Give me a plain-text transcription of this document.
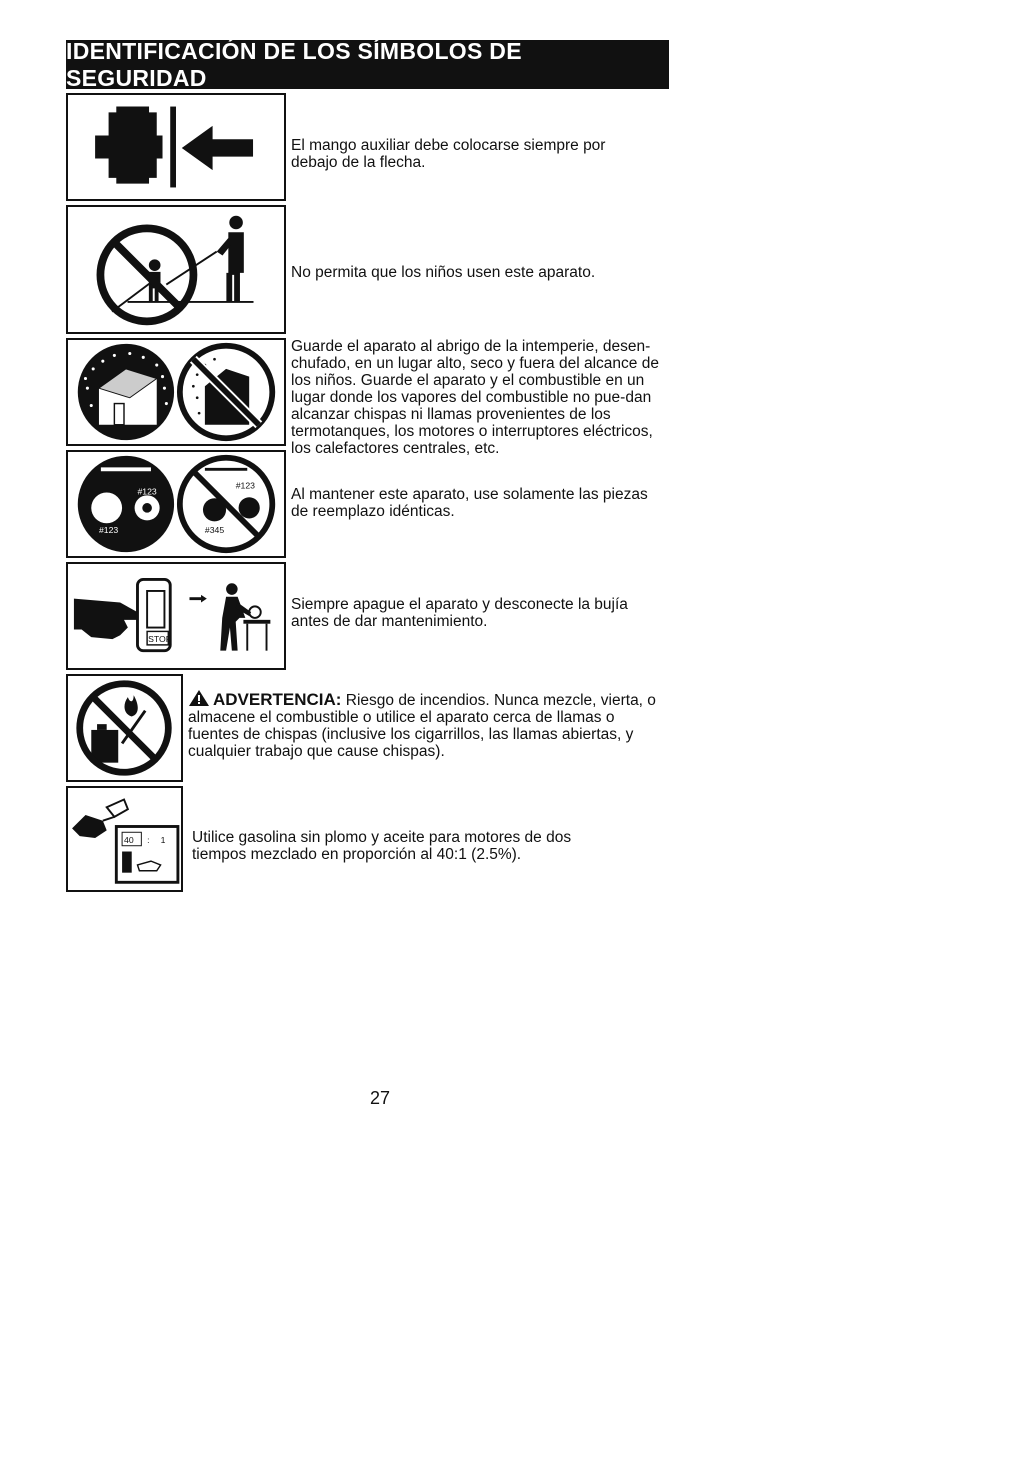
IDENTIFICACIÓN DE LOS SÍMBOLOS DE SEGURIDAD
El mango auxiliar debe colocarse siempre por debajo de la flecha.
No permita que los niños usen este aparato.
Guarde el aparato al abrigo de la intemperie, desen-chufado, en un lugar alto, seco y fuera del alcance de los niños. Guarde el aparato y el combustible en un lugar donde los vapores del combustible no pue-dan alcanzar chispas ni llamas provenientes de los termotanques, los motores o interruptores eléctricos, los calefactores centrales, etc.
#123
#123
#123
#345
Al mantener este aparato, use solamente las piezas de reemplazo idénticas.
STOP
Siempre apague el aparato y desconecte la bujía antes de dar mantenimiento.
ADVERTENCIA: Riesgo de incendios. Nunca mezcle, vierta, o almacene el combustible o utilice el aparato cerca de llamas o fuentes de chispas (inclusive los cigarrillos, las llamas abiertas, y cualquier trabajo que cause chispas).
40 : 1 Utilice gasolina sin plomo y aceite para motores de dos tiempos mezclado en proporción al 40:1 (2.5%).
27
